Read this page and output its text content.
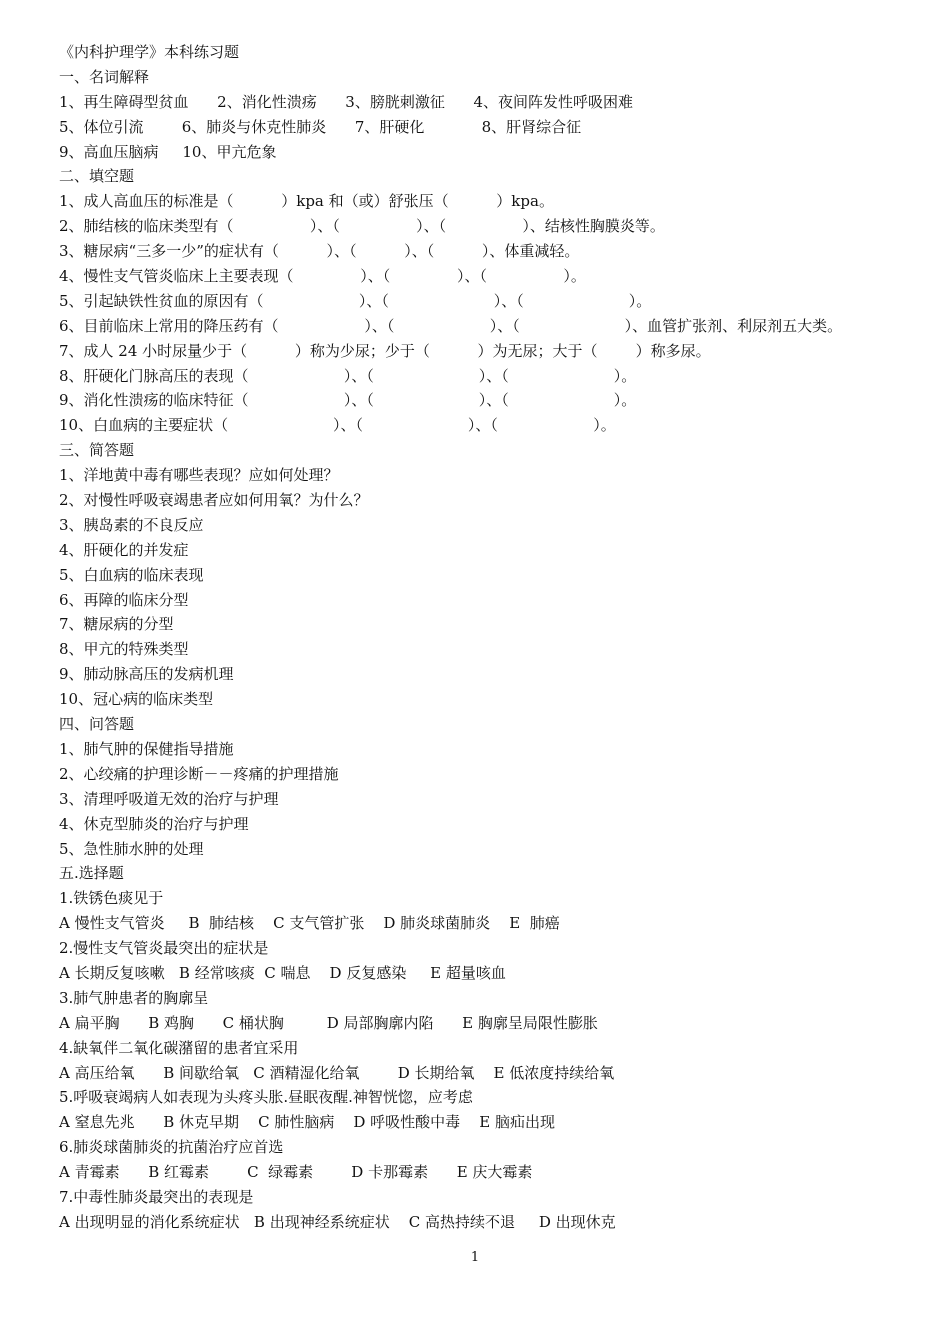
《内科护理学》本科练习题
一、名词解释
1、再生障碍型贫血      2、消化性溃疡      3、膀胱刺激征      4、夜间阵发性呼吸困难
5、体位引流        6、肺炎与休克性肺炎      7、肝硬化            8、肝肾综合征
9、高血压脑病     10、甲亢危象
二、填空题
1、成人高血压的标准是（          ）kpa 和（或）舒张压（          ）kpa。
2、肺结核的临床类型有（                ）、（                ）、（                ）、结核性胸膜炎等。
3、糖尿病“三多一少”的症状有（          ）、（          ）、（          ）、体重减轻。
4、慢性支气管炎临床上主要表现（              ）、（              ）、（                ）。
5、引起缺铁性贫血的原因有（                    ）、（                      ）、（                      ）。
6、目前临床上常用的降压药有（                  ）、（                    ）、（                      ）、血管扩张剂、利尿剂五大类。
7、成人 24 小时尿量少于（          ）称为少尿；少于（          ）为无尿；大于（        ）称多尿。
8、肝硬化门脉高压的表现（                    ）、（                      ）、（                      ）。
9、消化性溃疡的临床特征（                    ）、（                      ）、（                      ）。
10、白血病的主要症状（                      ）、（                      ）、（                    ）。
三、简答题
1、洋地黄中毒有哪些表现？应如何处理？
2、对慢性呼吸衰竭患者应如何用氧？为什么？
3、胰岛素的不良反应
4、肝硬化的并发症
5、白血病的临床表现
6、再障的临床分型
7、糖尿病的分型
8、甲亢的特殊类型
9、肺动脉高压的发病机理
10、冠心病的临床类型
四、问答题
1、肺气肿的保健指导措施
2、心绞痛的护理诊断－－疼痛的护理措施
3、清理呼吸道无效的治疗与护理
4、休克型肺炎的治疗与护理
5、急性肺水肿的处理
五.选择题
1.铁锈色痰见于
A 慢性支气管炎     B  肺结核    C 支气管扩张    D 肺炎球菌肺炎    E  肺癌
2.慢性支气管炎最突出的症状是
A 长期反复咳嗽   B 经常咳痰  C 喘息    D 反复感染     E 超量咳血
3.肺气肿患者的胸廓呈
A 扁平胸      B 鸡胸      C 桶状胸         D 局部胸廓内陷      E 胸廓呈局限性膨胀
4.缺氧伴二氧化碳潴留的患者宜采用
A 高压给氧      B 间歇给氧   C 酒精湿化给氧        D 长期给氧    E 低浓度持续给氧
5.呼吸衰竭病人如表现为头疼头胀.昼眠夜醒.神智恍惚，应考虑
A 窒息先兆      B 休克早期    C 肺性脑病    D 呼吸性酸中毒    E 脑疝出现
6.肺炎球菌肺炎的抗菌治疗应首选
A 青霉素      B 红霉素        C  绿霉素        D 卡那霉素      E 庆大霉素
7.中毒性肺炎最突出的表现是
A 出现明显的消化系统症状   B 出现神经系统症状    C 高热持续不退     D 出现休克
1
